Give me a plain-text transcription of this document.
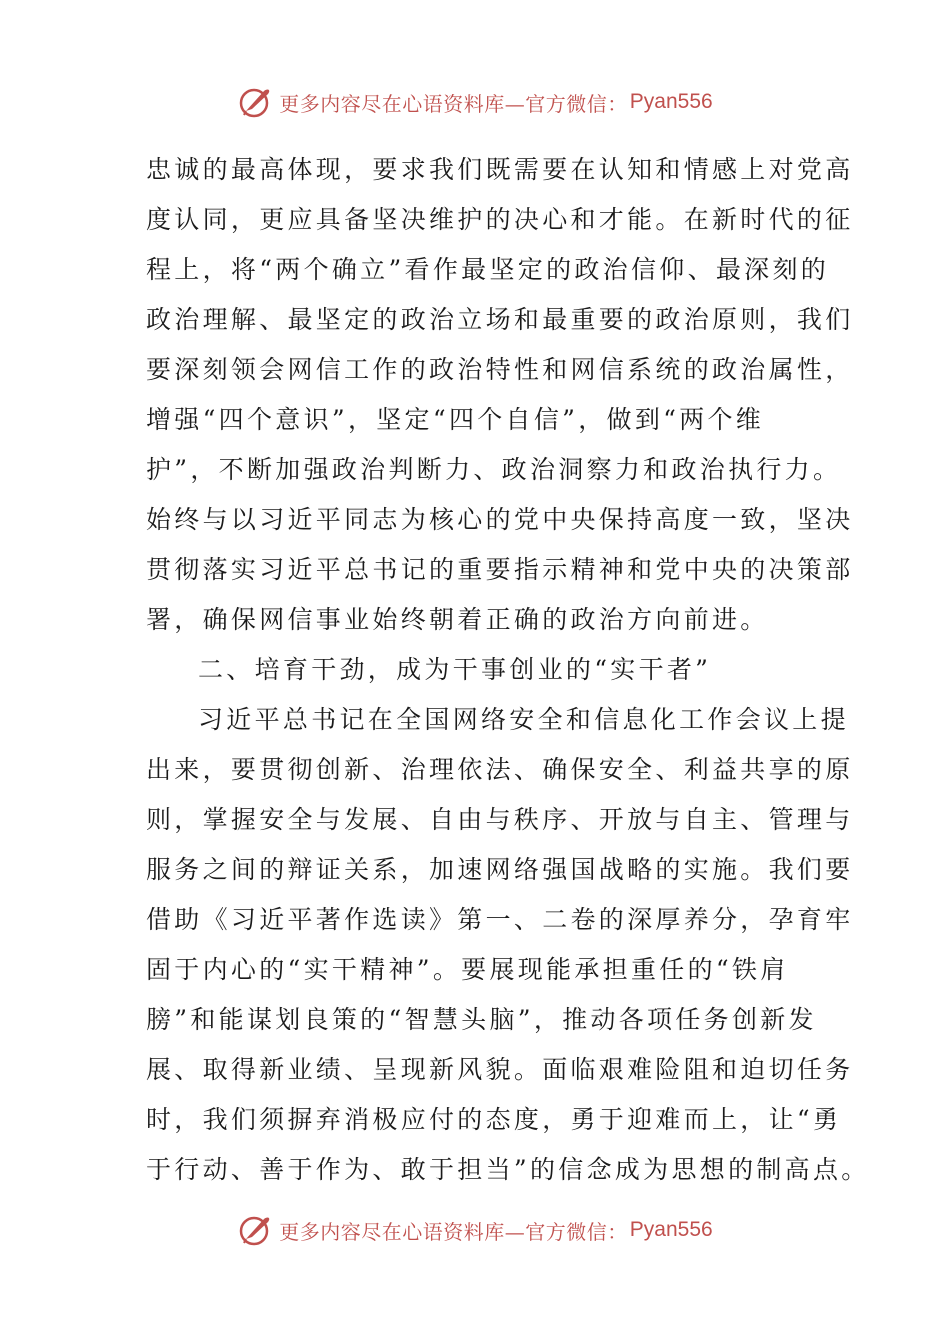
更多内容尽在心语资料库—官方微信： Pyan556
忠诚的最高体现，要求我们既需要在认知和情感上对党高
度认同，更应具备坚决维护的决心和才能。在新时代的征
程上，将“两个确立”看作最坚定的政治信仰、最深刻的
政治理解、最坚定的政治立场和最重要的政治原则，我们
要深刻领会网信工作的政治特性和网信系统的政治属性，
增强“四个意识”，坚定“四个自信”，做到“两个维
护”，不断加强政治判断力、政治洞察力和政治执行力。
始终与以习近平同志为核心的党中央保持高度一致，坚决
贯彻落实习近平总书记的重要指示精神和党中央的决策部
署，确保网信事业始终朝着正确的政治方向前进。
二、培育干劲，成为干事创业的“实干者”
习近平总书记在全国网络安全和信息化工作会议上提
出来，要贯彻创新、治理依法、确保安全、利益共享的原
则，掌握安全与发展、自由与秩序、开放与自主、管理与
服务之间的辩证关系，加速网络强国战略的实施。我们要
借助《习近平著作选读》第一、二卷的深厚养分，孕育牢
固于内心的“实干精神”。要展现能承担重任的“铁肩
膀”和能谋划良策的“智慧头脑”，推动各项任务创新发
展、取得新业绩、呈现新风貌。面临艰难险阻和迫切任务
时，我们须摒弃消极应付的态度，勇于迎难而上，让“勇
于行动、善于作为、敢于担当”的信念成为思想的制高点。
更多内容尽在心语资料库—官方微信： Pyan556
